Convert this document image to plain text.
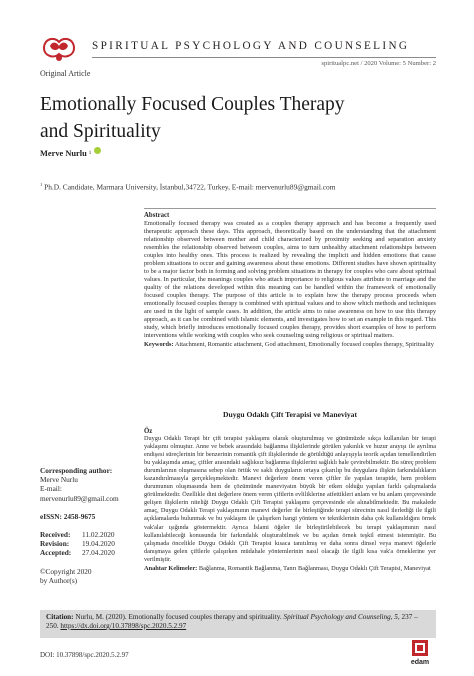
SPIRITUAL PSYCHOLOGY AND COUNSELING
spiritualpc.net / 2020 Volume: 5 Number: 2
Original Article
Emotionally Focused Couples Therapy
and Spirituality
Merve Nurlu 1
$^1$ Ph.D. Candidate, Marmara University, İstanbul,34722, Turkey, E-mail: mervenurlu89@gmail.com
Abstract
Emotionally focused therapy was created as a couples therapy approach and has become a frequently used therapeutic approach these days. This approach, theoretically based on the understanding that the attachment relationship observed between mother and child characterized by proximity seeking and separation anxiety resembles the relationship observed between couples, aims to turn unhealthy attachment relationships between couples into healthy ones. This process is realized by revealing the implicit and hidden emotions that cause problem situations to occur and gaining awareness about these emotions. Different studies have shown spirituality to be a major factor both in forming and solving problem situations in therapy for couples who care about spiritual values. In particular, the meanings couples who attach importance to religious values attribute to marriage and the quality of the relations developed within this meaning can be handled within the framework of emotionally focused couples therapy. The purpose of this article is to explain how the therapy process proceeds when emotionally focused couples therapy is combined with spiritual values and to show which methods and techniques are used in the light of sample cases. In addition, the article aims to raise awareness on how to use this therapy approach, as it can be combined with Islamic elements, and investigates how to set an example in this regard. This study, which briefly introduces emotionally focused couples therapy, provides short examples of how to perform interventions while working with couples who seek counseling using religious or spiritual matters.
Keywords: Attachment, Romantic attachment, God attachment, Emotionally focused couples therapy, Spirituality
Duygu Odaklı Çift Terapisi ve Maneviyat
Öz
Duygu Odaklı Terapi bir çift terapisi yaklaşımı olarak oluşturulmuş ve günümüzde sıkça kullanılan bir terapi yaklaşımı olmuştur. Anne ve bebek arasındaki bağlanma ilişkilerinde görülen yakınlık ve huzur arayışı ile ayrılma endişesi süreçlerinin bir benzerinin romantik çift ilişkilerinde de görüldüğü anlayışıyla teorik açıdan temellendirilen bu yaklaşımda amaç, çiftler arasındaki sağlıksız bağlanma ilişkilerini sağlıklı hale çevirebilmektir. Bu süreç problem durumlarının oluşmasına sebep olan örtük ve saklı duyguların ortaya çıkarılıp bu duygulara ilişkin farkındalıkların kazandırılmasıyla gerçekleşmektedir. Manevi değerlere önem veren çiftler ile yapılan terapide, hem problem durumunun oluşmasında hem de çözümünde maneviyatın büyük bir etken olduğu yapılan farklı çalışmalarda görülmektedir. Özellikle dini değerlere önem veren çiftlerin evliliklerine atfettikleri anlam ve bu anlam çerçevesinde gelişen ilişkilerin niteliği Duygu Odaklı Çift Terapisi yaklaşımı çerçevesinde ele alınabilmektedir. Bu makalede amaç, Duygu Odaklı Terapi yaklaşımının manevi değerler ile birleştiğinde terapi sürecinin nasıl ilerlediği ile ilgili açıklamalarda bulunmak ve bu yaklaşım ile çalışırken hangi yöntem ve tekniklerinin daha çok kullanıldığını örnek vak'alar ışığında göstermektir. Ayrıca İslami öğeler ile birleştirilebilecek bu terapi yaklaşımının nasıl kullanılabileceği konusunda bir farkındalık oluşturabilmek ve bu açıdan örnek teşkil etmesi istenmiştir. Bu çalışmada öncelikle Duygu Odaklı Çift Terapisi kısaca tanıtılmış ve daha sonra dinsel veya manevi öğelerle danışmaya gelen çiftlerle çalışırken müdahale yöntemlerinin nasıl olacağı ile ilgili kısa vak'a örneklerine yer verilmiştir.
Anahtar Kelimeler: Bağlanma, Romantik Bağlanma, Tanrı Bağlanması, Duygu Odaklı Çift Terapisi, Maneviyat
Corresponding author:
Merve Nurlu
E-mail:
mervenurlu89@gmail.com
eISSN: 2458-9675
Received:	11.02.2020
Revision:	19.04.2020
Accepted:	27.04.2020
©Copyright 2020
by Author(s)
Citation: Nurlu, M. (2020). Emotionally focused couples therapy and spirituality. Spiritual Psychology and Counseling, 5, 237 – 250. https://dx.doi.org/10.37898/spc.2020.5.2.97
edam
DOI: 10.37898/spc.2020.5.2.97
